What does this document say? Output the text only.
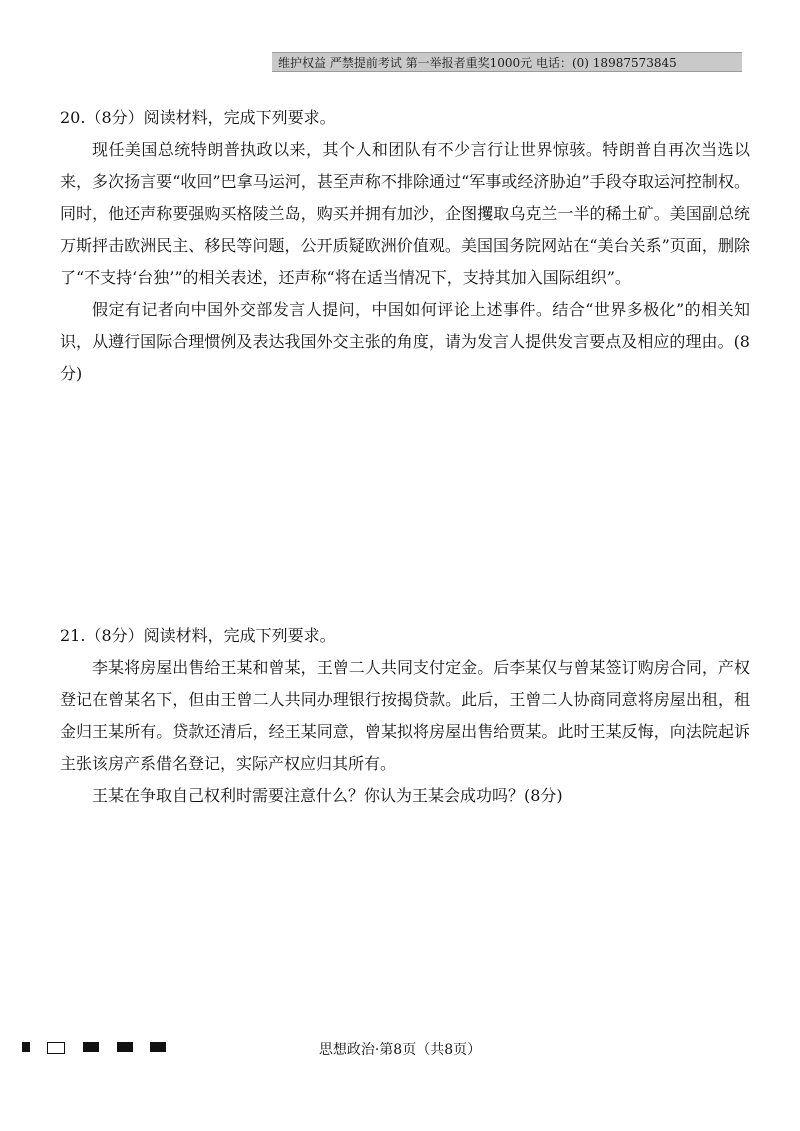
维护权益 严禁提前考试 第一举报者重奖1000元 电话：(0) 18987573845
20.（8分）阅读材料，完成下列要求。

现任美国总统特朗普执政以来，其个人和团队有不少言行让世界惊骇。特朗普自再次当选以来，多次扬言要“收回”巴拿马运河，甚至声称不排除通过“军事或经济胁迫”手段夺取运河控制权。同时，他还声称要强购买格陵兰岛，购买并拥有加沙，企图攫取乌克兰一半的稀土矿。美国副总统万斯抨击欧洲民主、移民等问题，公开质疑欧洲价值观。美国国务院网站在“美台关系”页面，删除了“不支持‘台独’”的相关表述，还声称“将在适当情况下，支持其加入国际组织”。

假定有记者向中国外交部发言人提问，中国如何评论上述事件。结合“世界多极化”的相关知识，从遵行国际合理惯例及表达我国外交主张的角度，请为发言人提供发言要点及相应的理由。(8分)

21.（8分）阅读材料，完成下列要求。

李某将房屋出售给王某和曾某，王曾二人共同支付定金。后李某仅与曾某签订购房合同，产权登记在曾某名下，但由王曾二人共同办理银行按揭贷款。此后，王曾二人协商同意将房屋出租，租金归王某所有。贷款还清后，经王某同意，曾某拟将房屋出售给贾某。此时王某反悔，向法院起诉主张该房产系借名登记，实际产权应归其所有。

王某在争取自己权利时需要注意什么？你认为王某会成功吗？(8分)

思想政治·第8页（共8页）
